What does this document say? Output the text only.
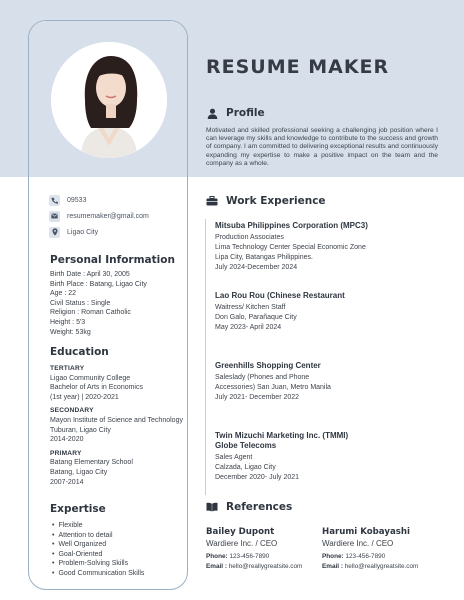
09533
resumemaker@gmail.com
Ligao City
Personal Information
Birth Date : April 30, 2005
Birth Place : Batang, Ligao City
Age : 22
Civil Status : Single
Religion : Roman Catholic
Height : 5'3
Weight: 53kg
Education
TERTIARY
Ligao Community College
Bachelor of Arts in Economics
(1st year) | 2020-2021
SECONDARY
Mayon Institute of Science and Technology
Tuburan, Ligao City
2014-2020
PRIMARY
Batang Elementary School
Batang, Ligao City
2007-2014
Expertise
• Flexible
• Attention to detail
• Well Organized
• Goal-Oriented
• Problem-Solving Skills
• Good Communication Skills
RESUME MAKER
Profile
Motivated and skilled professional seeking a challenging job position where I can leverage my skills and knowledge to contribute to the success and growth of company. I am committed to delivering exceptional results and continuously expanding my expertise to make a positive impact on the team and the company as a whole.
Work Experience
Mitsuba Philippines Corporation (MPC3)
Production Associates
Lima Technology Center Special Economic Zone
Lipa City, Batangas Philippines.
July 2024-December 2024
Lao Rou Rou (Chinese Restaurant
Waitress/ Kitchen Staff
Don Galo, Parañaque City
May 2023- April 2024
Greenhills Shopping Center
Saleslady (Phones and Phone
Accessories) San Juan, Metro Manila
July 2021- December 2022
Twin Mizuchi Marketing Inc. (TMMI) Globe Telecoms
Sales Agent
Calzada, Ligao City
December 2020- July 2021
References
Bailey Dupont
Wardiere Inc. / CEO
Phone: 123-456-7890
Email : hello@reallygreatsite.com
Harumi Kobayashi
Wardiere Inc. / CEO
Phone: 123-456-7890
Email : hello@reallygreatsite.com
